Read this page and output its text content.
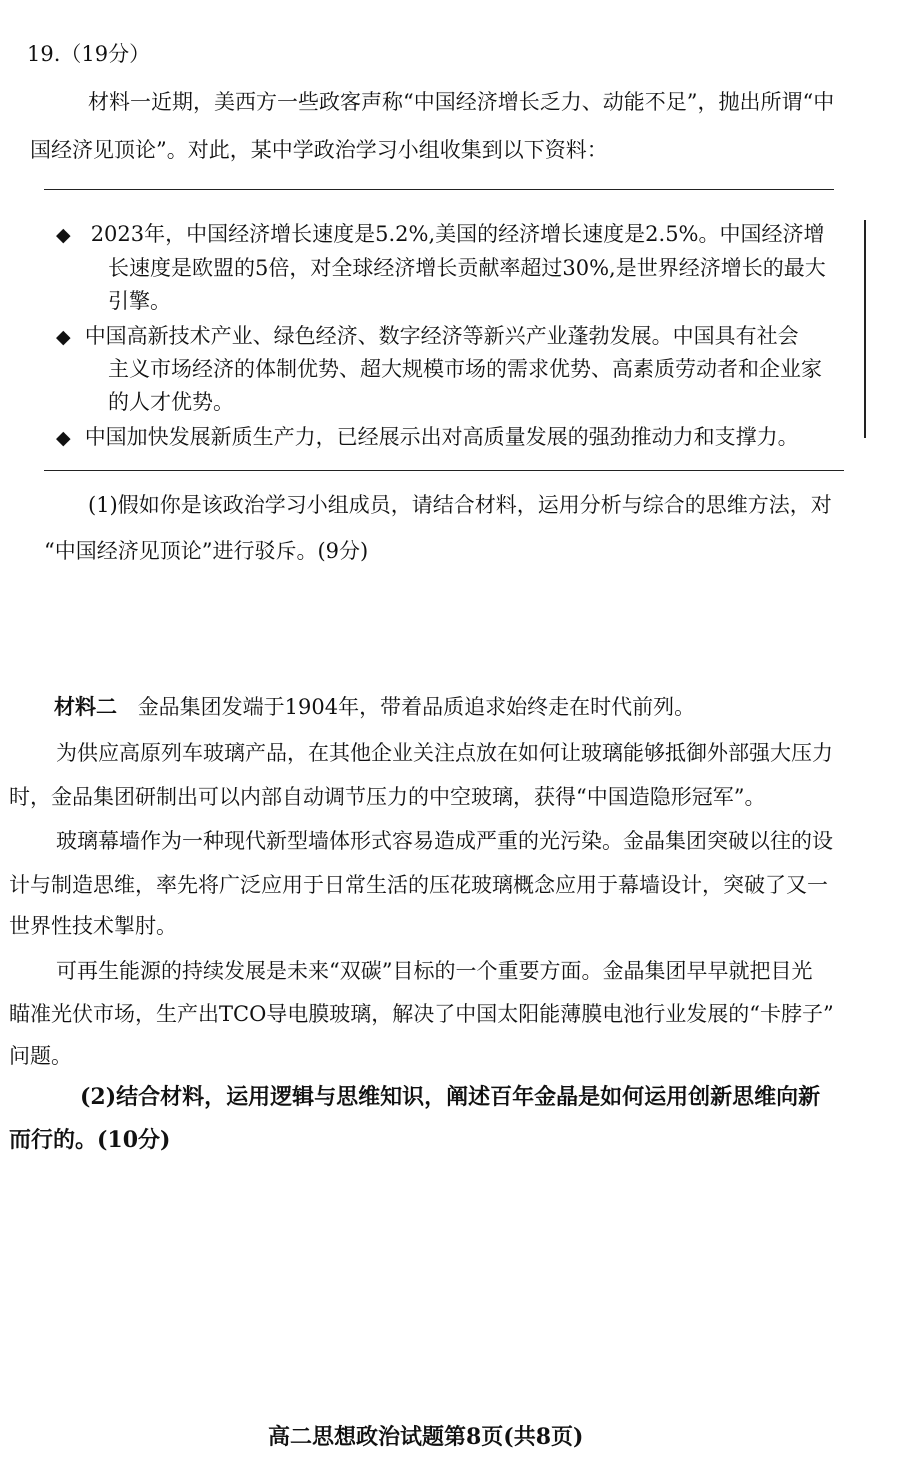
19.（19分）
材料一近期，美西方一些政客声称“中国经济增长乏力、动能不足”，抛出所谓“中
国经济见顶论”。对此，某中学政治学习小组收集到以下资料：
◆ 2023年，中国经济增长速度是5.2%,美国的经济增长速度是2.5%。中国经济增
长速度是欧盟的5倍，对全球经济增长贡献率超过30%,是世界经济增长的最大
引擎。
◆ 中国高新技术产业、绿色经济、数字经济等新兴产业蓬勃发展。中国具有社会
主义市场经济的体制优势、超大规模市场的需求优势、高素质劳动者和企业家
的人才优势。
◆ 中国加快发展新质生产力，已经展示出对高质量发展的强劲推动力和支撑力。
(1)假如你是该政治学习小组成员，请结合材料，运用分析与综合的思维方法，对
“中国经济见顶论”进行驳斥。(9分)
材料二 金品集团发端于1904年，带着品质追求始终走在时代前列。
为供应高原列车玻璃产品，在其他企业关注点放在如何让玻璃能够抵御外部强大压力
时，金品集团研制出可以内部自动调节压力的中空玻璃，获得“中国造隐形冠军”。
玻璃幕墙作为一种现代新型墙体形式容易造成严重的光污染。金晶集团突破以往的设
计与制造思维，率先将广泛应用于日常生活的压花玻璃概念应用于幕墙设计，突破了又一
世界性技术掣肘。
可再生能源的持续发展是未来“双碳”目标的一个重要方面。金晶集团早早就把目光
瞄准光伏市场，生产出TCO导电膜玻璃，解决了中国太阳能薄膜电池行业发展的“卡脖子”
问题。
(2)结合材料，运用逻辑与思维知识，阐述百年金晶是如何运用创新思维向新
而行的。(10分)
高二思想政治试题第8页(共8页)
